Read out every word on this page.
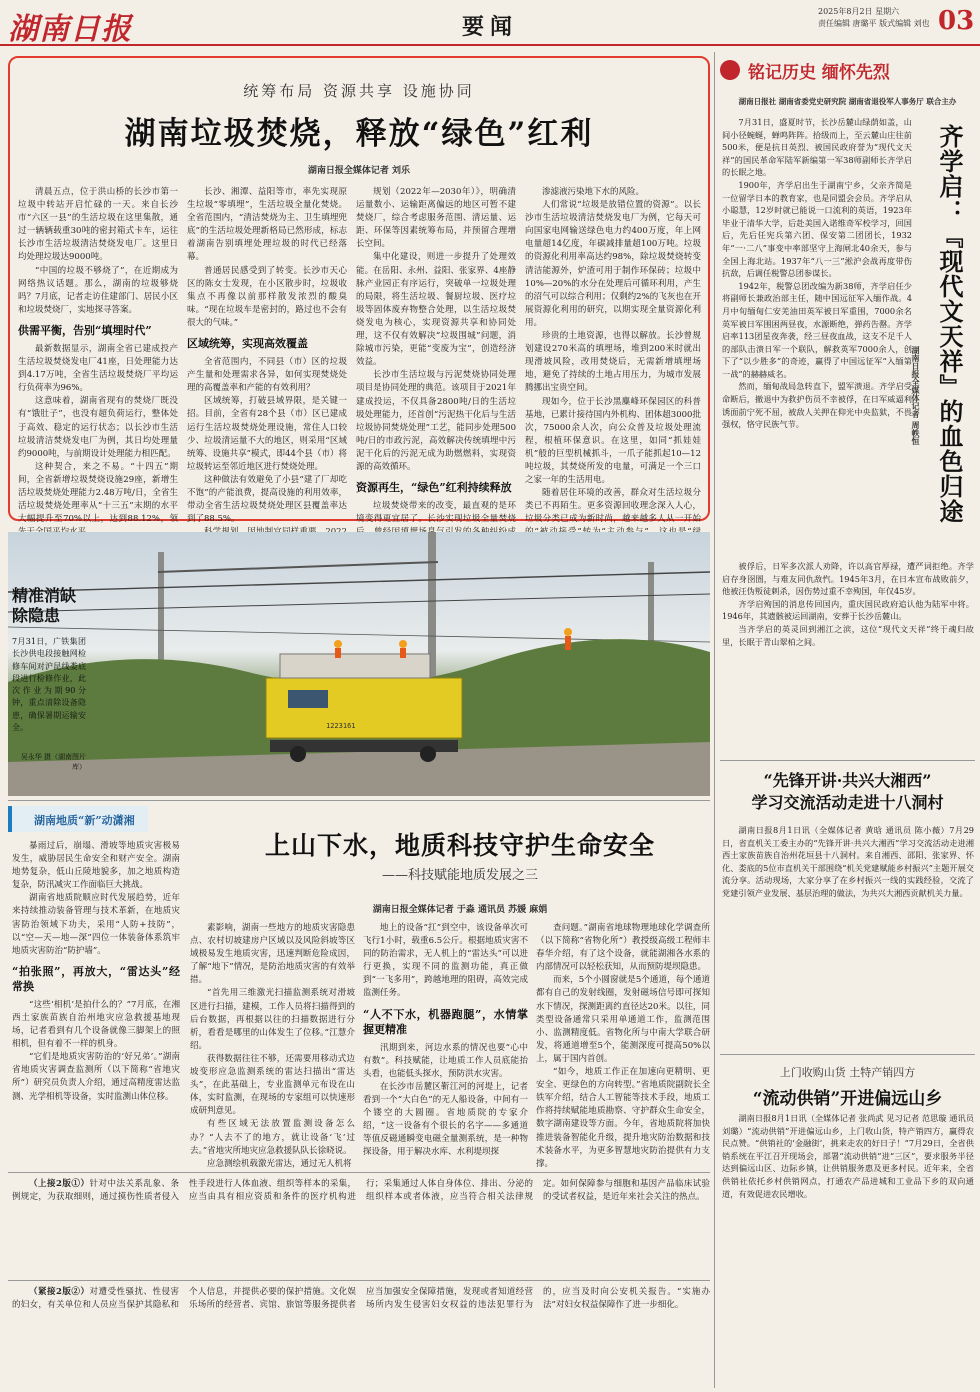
湖南日报	要闻
2025年8月2日 星期六
责任编辑 唐璐平 版式编辑 刘也 03
统筹布局 资源共享 设施协同
湖南垃圾焚烧，释放“绿色”红利
湖南日报全媒体记者 刘乐

清晨五点，位于洪山桥的长沙市第一垃圾中转站开启忙碌的一天。来自长沙市“六区一县”的生活垃圾在这里集散，通过一辆辆载重30吨的密封箱式卡车，运往长沙市生活垃圾清洁焚烧发电厂。这里日均处理垃圾达9000吨。

“中国的垃圾不够烧了”，在近期成为网络热议话题。那么，湖南的垃圾够烧吗？7月底，记者走访住建部门、居民小区和垃圾焚烧厂，实地探寻答案。

供需平衡，告别“填埋时代”

最新数据显示，湖南全省已建成投产生活垃圾焚烧发电厂41座，日处理能力达到4.17万吨，全省生活垃圾焚烧厂平均运行负荷率为96%。

这意味着，湖南省现有的焚烧厂既没有“饿肚子”，也没有超负荷运行，整体处于高效、稳定的运行状态；以长沙市生活垃圾清洁焚烧发电厂为例，其日均处理量约9000吨，与前期设计处理能力相匹配。

这种契合，来之不易。“十四五”期间，全省新增垃圾焚烧设施29座，新增生活垃圾焚烧处理能力2.48万吨/日，全省生活垃圾焚烧处理率从“十三五”末期的水平大幅提升至70%以上，达到88.12%，领

长沙、湘潭、益阳等市，率先实现原生垃圾“零填埋”，生活垃圾全量化焚烧。全省范围内，“清洁焚烧为主、卫生填埋兜底”的生活垃圾处理新格局已然形成，标志着湖南告别填埋处理垃圾的时代已经落幕。

普通居民感受到了转变。长沙市天心区的陈女士发现，在小区散步时，垃圾收集点不再像以前那样散发浓烈的酸臭味。“现在垃圾车是密封的，路过也不会有很大的气味。”

区域统筹，实现高效覆盖

全省范围内，不同县（市）区的垃圾产生量和处理需求各异，如何实现焚烧处理的高覆盖率和产能的有效利用？

区域统筹，打破县域界限，是关键一招。目前，全省有28个县（市）区已建成运行生活垃圾焚烧处理设施，常住人口较少、垃圾清运量不大的地区，则采用“区域统筹、设施共享”模式，即44个县（市）将垃圾转运至邻近地区进行焚烧处理。

这种做法有效避免了小县“建了厂却吃不饱”的产能浪费，提高设施的利用效率，带动全省生活垃圾焚烧处理区县覆盖率达到了88.5%。

规划（2022年—2030年）》，明确清运量数小、运输距离偏远的地区可暂不建焚烧厂，综合考虑服务范围、清运量、运距、环保等因素统筹布局，并预留合理增长空间。

集中化建设，则进一步提升了处理效能。在岳阳、永州、益阳、张家界、4座静脉产业园正有序运行，突破单一垃圾处理的局限，将生活垃圾、餐厨垃圾、医疗垃圾等固体废弃物整合处理，以生活垃圾焚烧发电为核心，实现资源共享和协同处理，这不仅有效解决“垃圾围城”问题，消除城市污染，更能“变废为宝”，创造经济效益。

长沙市生活垃圾与污泥焚烧协同处理项目是协同处理的典范。该项目于2021年建成投运，不仅具备2800吨/日的生活垃圾处理能力，还首创“污泥热干化后与生活垃圾协同焚烧处理”工艺，能同步处理500吨/日的市政污泥，高效解决传统填埋中污泥干化后的污泥无成为助燃燃料，实现资源的高效循环。

资源再生，“绿色”红利持续释放

垃圾焚烧带来的改变，最直观的是环境变得更宜居了。长沙实现垃圾全量焚烧

渗滤液污染地下水的风险。

人们常说“垃圾是放错位置的资源”。以长沙市生活垃圾清洁焚烧发电厂为例，它每天可向国家电网输送绿色电力约400万度，年上网电量超14亿度，年碳减排量超100万吨。垃圾的资源化利用率高达约98%，除垃圾焚烧转变清洁能源外，炉渣可用于制作环保砖；垃圾中10%—20%的水分在处理后可循环利用，产生的沼气可以综合利用；仅剩约2%的飞灰也在开展资源化利用的研究，以期实现全量资源化利用。

珍贵的土地资源，也得以解放。长沙曾规划建设270米高的填埋场，堆到200米时就出现滑坡风险，改用焚烧后，无需新增填埋场地，避免了持续的土地占用压力，为城市发展腾挪出宝贵空间。

现如今，位于长沙黑麋峰环保园区的科普基地，已累计接待国内外机构、团体超3000批次，75000余人次，向公众普及垃圾处理流程，根植环保意识。在这里，如同“抓娃娃机”般的巨型机械抓斗，一爪子能抓起10—12吨垃圾，其焚烧所发的电量，可满足一个三口之家一年的生活用电。

随着居住环境的改善，群众对生活垃圾分类已不再陌生。更多资源回收理念深入人心，垃圾分类已成为新时尚，越来越多人从一开始

1223161
精准消缺除隐患
7月31日，广铁集团长沙供电段接触网检修车间对沪昆线娄底段进行检修作业，此次作业为期90分钟，重点清除设备隐患，确保暑期运输安全。
吴永华 摄（湖南图片库）
湖南地质“新”动潇湘
上山下水，地质科技守护生命安全
——科技赋能地质发展之三
湖南日报全媒体记者 于淼 通讯员 苏媛 麻娟

暴雨过后，崩塌、滑坡等地质灾害极易发生，威胁居民生命安全和财产安全。湖南地势复杂，低山丘陵地貌多，加之地质构造复杂，防汛减灾工作面临巨大挑战。

湖南省地质院顺应时代发展趋势，近年来持续推动装备管理与技术革新，在地质灾害防治领域下功夫，采用“人防+技防”，以“空—天—地—深”四位一体装备体系筑牢地质灾害防治“防护墙”。

“拍张照”，再放大，“雷达头”经常换

“这些‘相机’是拍什么的？”7月底，在湘西土家族苗族自治州地灾应急救援基地现场，记者看到有几个设备就像三脚架上的照相机，但有着不一样的机身。

“它们是地质灾害防治的‘好兄弟’。”湖南省地质灾害调查监测所（以下简称“省地灾所”）研究员负责人介绍，通过高精度雷达监测、光学相机等设备，实时监测山体位移。

素影响，湖南一些地方的地质灾害隐患点、农村切坡建房户区域以及风险斜坡等区域极易发生地质灾害，迅速判断危险成因，了解“地下”情况，是防治地质灾害的有效举措。

“首先用三维激光扫描监测系统对滑坡区进行扫描，建模，工作人员将扫描得到的后台数据，再根据以往的扫描数据进行分析，看看是哪里的山体发生了位移。”江慧介绍。

获得数据往往不够，还需要用移动式边坡变形应急监测系统的雷达扫描出“雷达头”，在此基础上，专业监测单元布设在山体，实时监测，在现场的专家组可以快速形成研判意见。

有些区域无法放置监测设备怎么办？“人去不了的地方，就让设备‘飞’过去。”省地灾所地灾应急救援队队长徐晓说。

应急测绘机载激光雷达，通过无人机将

地上的设备“扛”到空中，该设备单次可飞行1小时，载重6.5公斤。根据地质灾害不同的防治需求，无人机上的“雷达头”可以进行更换，实现不同的监测功能，真正做到“一飞多用”，跨越地理的阻碍，高效完成监测任务。

“人不下水，机器跑腿”，水情掌握更精准

汛期到来，河边水系的情况也要“心中有数”。科技赋能，让地质工作人员底能抬头看，也能低头探水，预防洪水灾害。

在长沙市岳麓区靳江河的河堤上，记者看到一个“大白色”的无人船设备，中间有一个镂空的大圆圈。省地质院的专家介绍，“这一设备有个很长的名字——多通道等值反磁通瞬变电磁全量测系统，是一种物探设备，用于解决水库、水利堤坝探

查问题。”湖南省地球物理地球化学调查所（以下简称“省物化所”）教授级高级工程师丰春华介绍，有了这个设备，就能湖湘各水系的内部情况可以轻松获知，从而预防堤坝隐患。

而来，5个小圆窗就是5个通道，每个通道都有自己的发射线圈，发射磁场信号即可探知水下情况，探测距离约直径达20米。以往，同类型设备通常只采用单通道工作，监测范围小、监测精度低。省物化所与中南大学联合研发，将通道增至5个，能测深度可提高50%以上，属于国内首创。

“如今，地质工作正在加速向更精明、更安全、更绿色的方向转型。”省地质院副院长全铁军介绍，结合人工智能等技术手段，地质工作将持续赋能地质勘察、守护群众生命安全，数字湖南建设等方面。今年，省地质院将加快推进装备智能化升级，提升地灾防治数据和技术装备水平，为更多智慧地灾防治提供有力支撑。

（上接2版①）针对中法关系乱象、条例规定，为获取细则，通过摸伤性质者侵入性手段进行人体血液、组织等样本的采集，应当由具有相应资质和条件的医疗机构进行；采集通过人体自身体位、排出、分泌的组织样本或者体液，应当符合相关法律规定。如何保障参与细胞和基因产品临床试验的受试者权益，是近年来社会关注的热点。

（紧接2版②）对遭受性骚扰、性侵害的妇女，有关单位和人员应当保护其隐私和个人信息，并提供必要的保护措施。文化娱乐场所的经营者、宾馆、旅馆等服务提供者应当加强安全保障措施，发现或者知道经营场所内发生侵害妇女权益的违法犯罪行为的，应当及时向公安机关报告。“实施办法”对妇女权益保障作了进一步细化。

铭记历史 缅怀先烈
湖南日报社 湖南省委党史研究院 湖南省退役军人事务厅 联合主办

7月31日，盛夏时节，长沙岳麓山绿荫如盖，山间小径蜿蜒，蝉鸣阵阵。拾级而上，至云麓山庄往前500米，便是抗日英烈、被国民政府誉为“现代文天祥”的国民革命军陆军新编第一军38师副师长齐学启的长眠之地。

1900年，齐学启出生于湖南宁乡，父亲齐简是一位留学日本的教育家，也是同盟会会员。齐学启从小聪慧，12岁时就已能说一口流利的英语，1923年毕业于清华大学，后赴美国入诺维奇军校学习，回国后，先后任宪兵第六团、保安第二团团长，1932年“一·二八”事变中率部坚守上海闸北40余天，参与全国上海北站。1937年“八一三”淞沪会战再度带伤抗敌，后调任税警总团参谋长。

1942年，税警总团改编为新38师，齐学启任少将副师长兼政治部主任，随中国远征军入缅作战。4月中旬缅甸仁安羌油田英军被日军重围，7000余名英军被日军围困两昼夜，水源断绝，弹药告罄。齐学启率113团星夜奔袭，经三昼夜血战，这支不足千人的部队击溃日军一个联队，解救英军7000余人，创下了“以少胜多”的奇迹，赢得了中国远征军“入缅第一战”的赫赫威名。

然而，缅甸战局急转直下，盟军溃退。齐学启受命断后，撤退中为救护伤员不幸被俘，在日军威逼利诱面前宁死不屈，被敌人关押在仰光中央监狱，不畏强权，恪守民族气节。	齐学启：『现代文天祥』的血色归途
湖南日报全媒体记者 周帙恒

被俘后，日军多次派人劝降，许以高官厚禄，遭严词拒绝。齐学启存身囹圄，与难友同仇敌忾。1945年3月，在日本宣布战败前夕，他被汪伪叛徒刺杀，因伤势过重不幸殉国，年仅45岁。

齐学启殉国的消息传回国内，重庆国民政府追认他为陆军中将。1946年，其遗骸被运回湖南，安葬于长沙岳麓山。

当齐学启的英灵回到湘江之滨，这位“现代文天祥”终于魂归故里，长眠于青山翠柏之间。

“先锋开讲·共兴大湘西”
学习交流活动走进十八洞村

湖南日报8月1日讯（全媒体记者 黄晗 通讯员 陈小薇）7月29日，省直机关工委主办的“先锋开讲·共兴大湘西”学习交流活动走进湘西土家族苗族自治州花垣县十八洞村。来自湘西、邵阳、张家界、怀化、娄底的5位市直机关干部围绕“机关党建赋能乡村振兴”主题开展交流分享。活动现场，大家分享了在乡村振兴一线的实践经验，交流了党建引领产业发展、基层治理的做法，为共兴大湘西贡献机关力量。

上门收购山货 土特产销四方
“流动供销”开进偏远山乡

湖南日报8月1日讯（全媒体记者 张尚武 见习记者 范思璇 通讯员 刘璐）“流动供销”开进偏远山乡，上门收山货，特产销四方，赢得农民点赞。“供销社的‘金融街’，挑来走农的好日子！”7月29日，全省供销系统在平江召开现场会，部署“流动供销”进“三区”，要求服务半径达到偏远山区、边际乡镇，让供销服务惠及更多村民。近年来，全省供销社依托乡村供销网点，打通农产品进城和工业品下乡的双向通道，有效促进农民增收。
